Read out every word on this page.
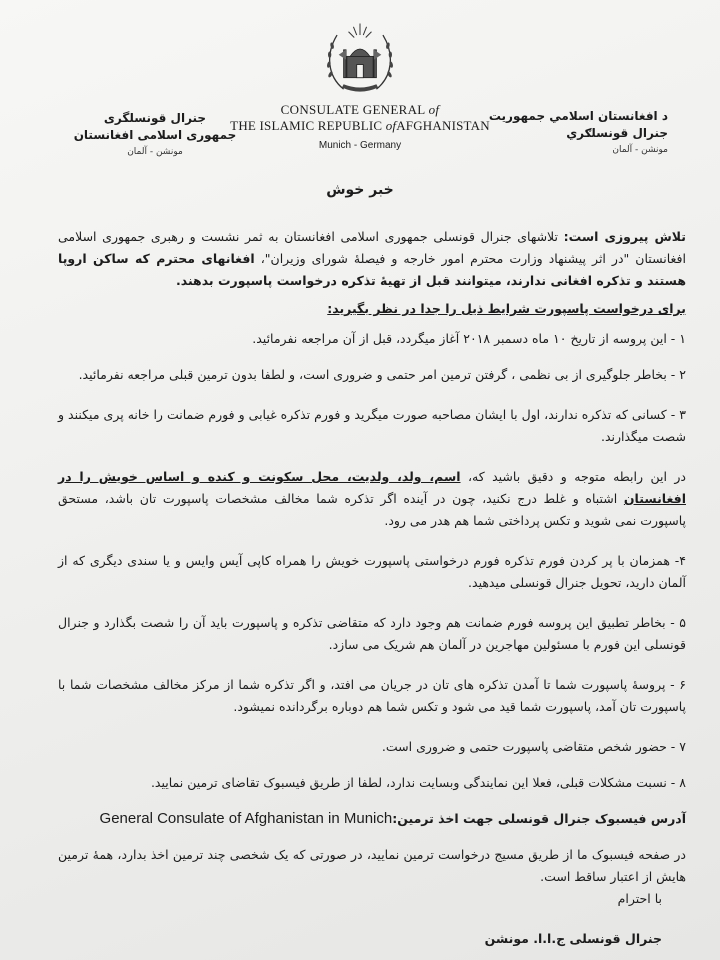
د افغانستان اسلامي جمهوريت
جنرال قونسلګري
مونشن - آلمان
CONSULATE GENERAL of
THE ISLAMIC REPUBLIC ofAFGHANISTAN
Munich - Germany
جنرال قونسلگری
جمهوری اسلامی افغانستان
مونشن - آلمان
خبر خوش

تلاش پیروزی است: تلاشهای جنرال قونسلی جمهوری اسلامی افغانستان به ثمر نشست و رهبری جمهوری اسلامی افغانستان "در اثر پیشنهاد وزارت محترم امور خارجه و فیصلهٔ شورای وزیران"، افغانهای محترم که ساکن اروپا هستند و تذکره افغانی ندارند، میتوانند قبل از تهیهٔ تذکره درخواست پاسپورت بدهند.

برای درخواست پاسپورت شرایط ذیل را جدا در نظر بگیرید:

۱ - این پروسه از تاریخ ۱۰ ماه دسمبر ۲۰۱۸ آغاز میگردد، قبل از آن مراجعه نفرمائید.

۲ - بخاطر جلوگیری از بی نظمی ، گرفتن ترمین امر حتمی و ضروری است، و لطفا بدون ترمین قبلی مراجعه نفرمائید.

۳ - کسانی که تذکره ندارند، اول با ایشان مصاحبه صورت میگرید و فورم تذکره غیابی و فورم ضمانت را خانه پری میکنند و شصت میگذارند.

در این رابطه متوجه و دقیق باشید که، اسم، ولد، ولدیت، محل سکونت و کنده و اساس خویش را در افغانستان اشتباه و غلط درج نکنید، چون در آینده اگر تذکره شما مخالف مشخصات پاسپورت تان باشد، مستحق پاسپورت نمی شوید و تکس پرداختی شما هم هدر می رود.

۴- همزمان با پر کردن فورم تذکره فورم درخواستی پاسپورت خویش را همراه کاپی آیس وایس و یا سندی دیگری که از آلمان دارید، تحویل جنرال قونسلی میدهید.

۵ - بخاطر تطبیق این پروسه فورم ضمانت هم وجود دارد که متقاضی تذکره و پاسپورت باید آن را شصت بگذارد و جنرال قونسلی این فورم با مسئولین مهاجرین در آلمان هم شریک می سازد.

۶ - پروسهٔ پاسپورت شما تا آمدن تذکره های تان در جریان می افتد، و اگر تذکره شما از مرکز مخالف مشخصات شما با پاسپورت تان آمد، پاسپورت شما قید می شود و تکس شما هم دوباره برگردانده نمیشود.

۷ - حضور شخص متقاضی پاسپورت حتمی و ضروری است.

۸ - نسبت مشکلات قبلی، فعلا این نمایندگی وبسایت ندارد، لطفا از طریق فیسبوک تقاضای ترمین نمایید.

آدرس فیسبوک جنرال قونسلی جهت اخذ ترمین:General Consulate of Afghanistan in Munich

در صفحه فیسبوک ما از طریق مسیج درخواست ترمین نمایید، در صورتی که یک شخصی چند ترمین اخذ بدارد، همهٔ ترمین هایش از اعتبار ساقط است.

با احترام
جنرال قونسلی ج.ا.ا. مونشن
